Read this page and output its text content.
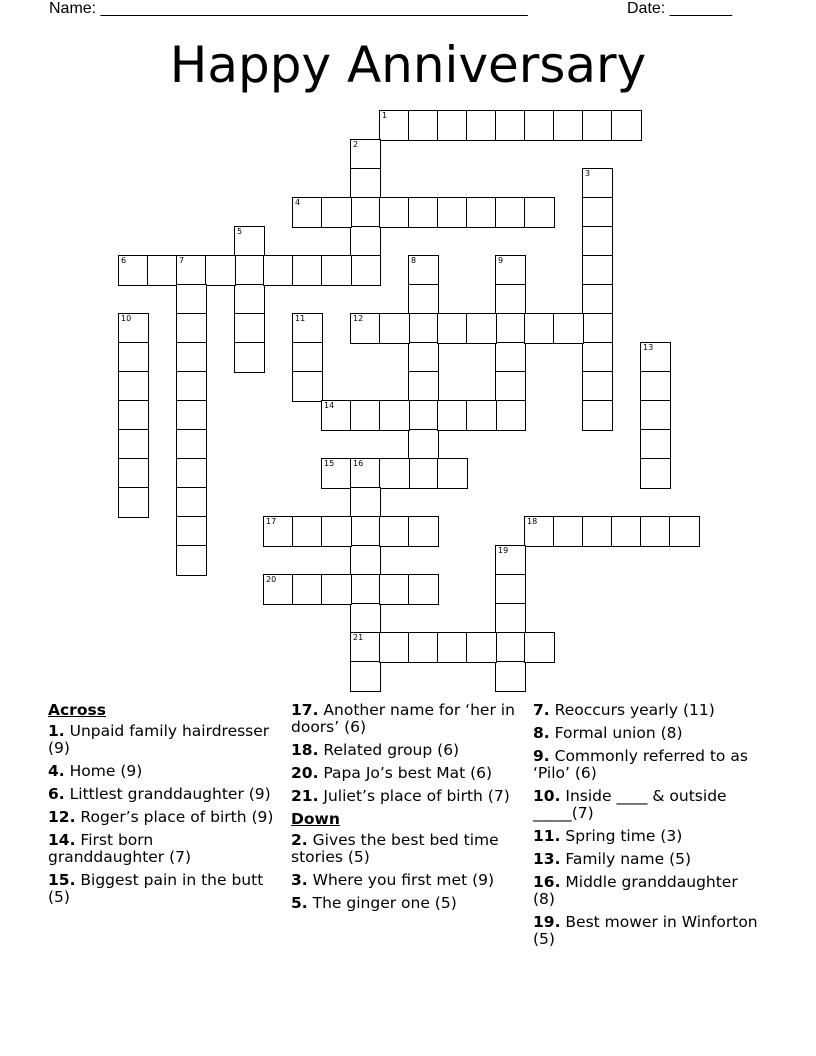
Name: ________________________________________________	Date: _______
Happy Anniversary
1
2
3
4
5
6	7	8	9
10	11	12
13
14
15 16
21
17	18
19
20
Across
1. Unpaid family hairdresser (9)
4. Home (9)
6. Littlest granddaughter (9)
12. Roger’s place of birth (9)
14. First born granddaughter (7)
15. Biggest pain in the butt (5)
17. Another name for ‘her in doors’ (6)
18. Related group (6)
20. Papa Jo’s best Mat (6)
21. Juliet’s place of birth (7)
Down
2. Gives the best bed time stories (5)
3. Where you first met (9)
5. The ginger one (5)
7. Reoccurs yearly (11)
8. Formal union (8)
9. Commonly referred to as ‘Pilo’ (6)
10. Inside ____ & outside _____(7)
11. Spring time (3)
13. Family name (5)
16. Middle granddaughter (8)
19. Best mower in Winforton (5)
